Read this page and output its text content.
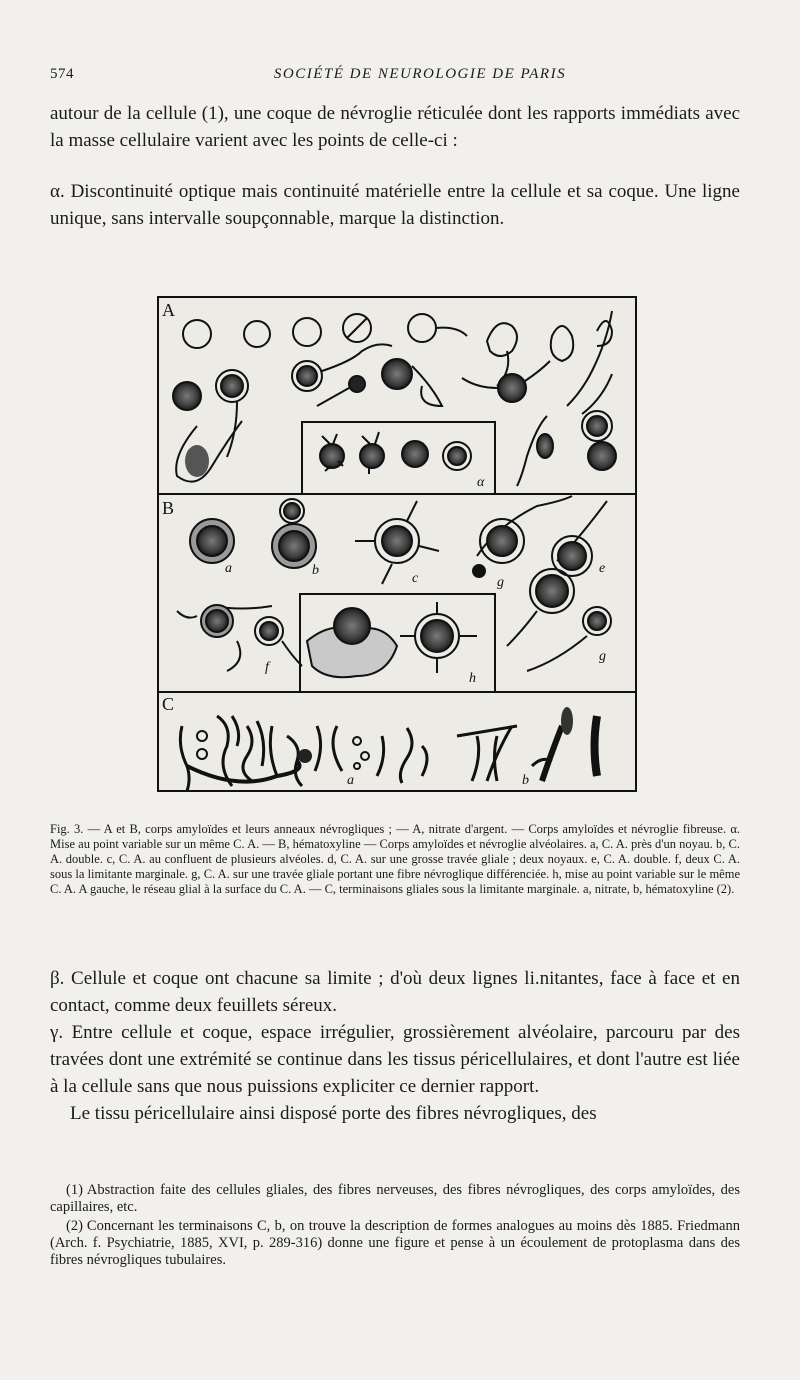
574	SOCIÉTÉ DE NEUROLOGIE DE PARIS

autour de la cellule (1), une coque de névroglie réticulée dont les rapports immédiats avec la masse cellulaire varient avec les points de celle-ci :

α. Discontinuité optique mais continuité matérielle entre la cellule et sa coque. Une ligne unique, sans intervalle soupçonnable, marque la distinction.

A
B
C
α
a	b
c	g
e
f
g
h
a	b

Fig. 3. — A et B, corps amyloïdes et leurs anneaux névrogliques ; — A, nitrate d'argent. — Corps amyloïdes et névroglie fibreuse. α. Mise au point variable sur un même C. A. — B, hématoxyline — Corps amyloïdes et névroglie alvéolaires. a, C. A. près d'un noyau. b, C. A. double. c, C. A. au confluent de plusieurs alvéoles. d, C. A. sur une grosse travée gliale ; deux noyaux. e, C. A. double. f, deux C. A. sous la limitante marginale. g, C. A. sur une travée gliale portant une fibre névroglique différenciée. h, mise au point variable sur le même C. A. A gauche, le réseau glial à la surface du C. A. — C, terminaisons gliales sous la limitante marginale. a, nitrate, b, hématoxyline (2).

β. Cellule et coque ont chacune sa limite ; d'où deux lignes li.nitantes, face à face et en contact, comme deux feuillets séreux.

γ. Entre cellule et coque, espace irrégulier, grossièrement alvéolaire, parcouru par des travées dont une extrémité se continue dans les tissus péricellulaires, et dont l'autre est liée à la cellule sans que nous puissions expliciter ce dernier rapport.

Le tissu péricellulaire ainsi disposé porte des fibres névrogliques, des

(1) Abstraction faite des cellules gliales, des fibres nerveuses, des fibres névrogliques, des corps amyloïdes, des capillaires, etc.

(2) Concernant les terminaisons C, b, on trouve la description de formes analogues au moins dès 1885. Friedmann (Arch. f. Psychiatrie, 1885, XVI, p. 289-316) donne une figure et pense à un écoulement de protoplasma dans des fibres névrogliques tubulaires.
